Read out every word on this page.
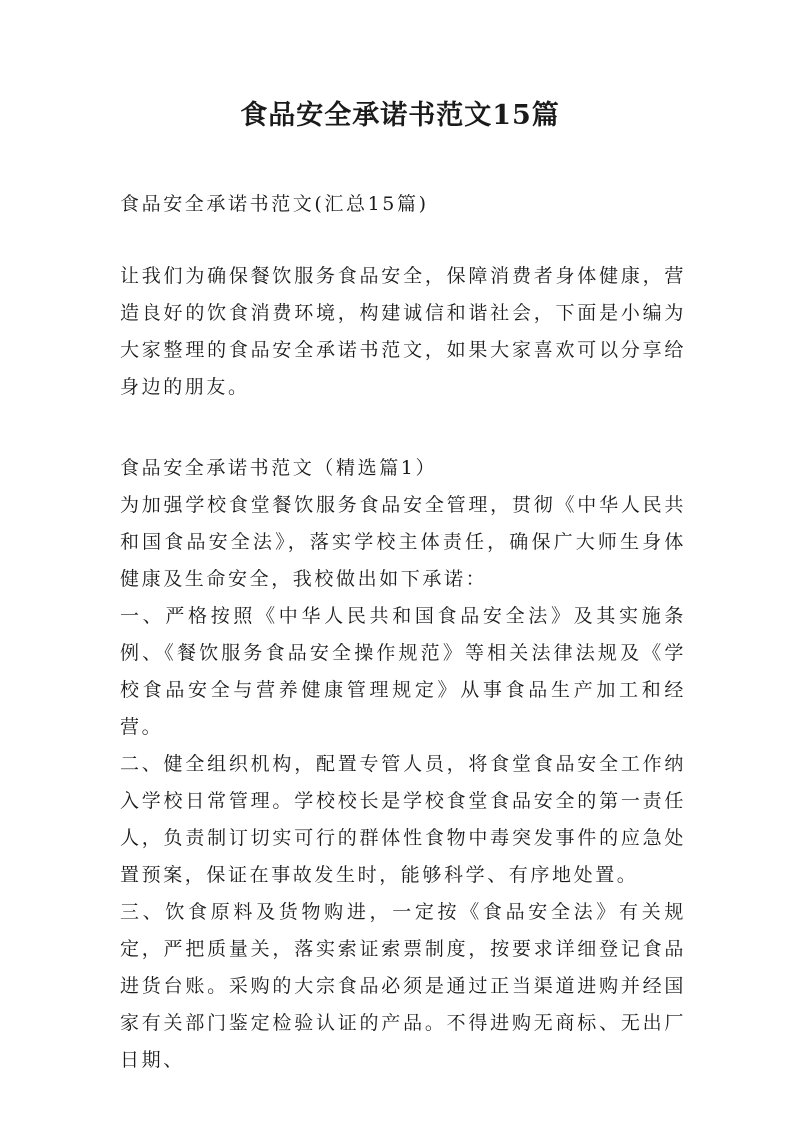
食品安全承诺书范文15篇
食品安全承诺书范文(汇总15篇)
让我们为确保餐饮服务食品安全，保障消费者身体健康，营造良好的饮食消费环境，构建诚信和谐社会，下面是小编为大家整理的食品安全承诺书范文，如果大家喜欢可以分享给身边的朋友。

食品安全承诺书范文（精选篇1）

为加强学校食堂餐饮服务食品安全管理，贯彻《中华人民共和国食品安全法》，落实学校主体责任，确保广大师生身体健康及生命安全，我校做出如下承诺：

一、严格按照《中华人民共和国食品安全法》及其实施条例、《餐饮服务食品安全操作规范》等相关法律法规及《学校食品安全与营养健康管理规定》从事食品生产加工和经营。

二、健全组织机构，配置专管人员，将食堂食品安全工作纳入学校日常管理。学校校长是学校食堂食品安全的第一责任人，负责制订切实可行的群体性食物中毒突发事件的应急处置预案，保证在事故发生时，能够科学、有序地处置。

三、饮食原料及货物购进，一定按《食品安全法》有关规定，严把质量关，落实索证索票制度，按要求详细登记食品进货台账。采购的大宗食品必须是通过正当渠道进购并经国家有关部门鉴定检验认证的产品。不得进购无商标、无出厂日期、
